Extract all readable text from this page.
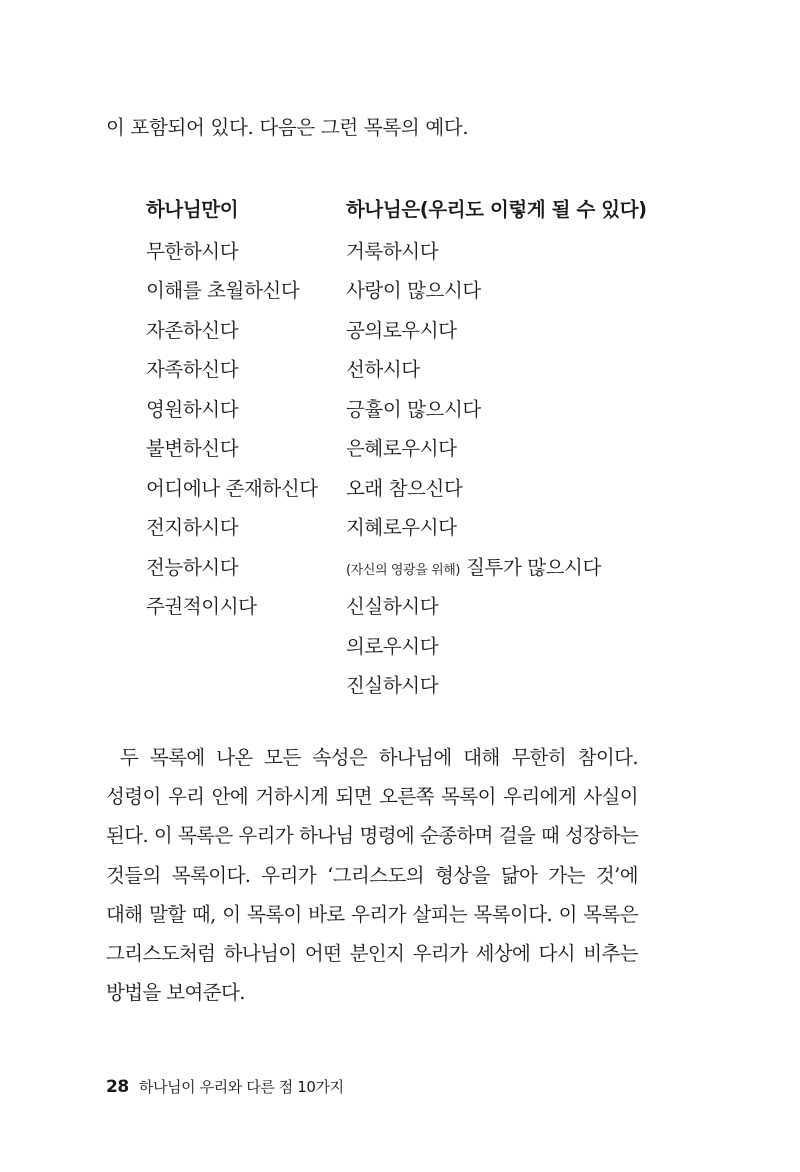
이 포함되어 있다. 다음은 그런 목록의 예다.
하나님만이
무한하시다
이해를 초월하신다
자존하신다
자족하신다
영원하시다
불변하신다
어디에나 존재하신다
전지하시다
전능하시다
주권적이시다
하나님은(우리도 이렇게 될 수 있다)
거룩하시다
사랑이 많으시다
공의로우시다
선하시다
긍휼이 많으시다
은혜로우시다
오래 참으신다
지혜로우시다
(자신의 영광을 위해) 질투가 많으시다
신실하시다
의로우시다
진실하시다

두 목록에 나온 모든 속성은 하나님에 대해 무한히 참이다. 성령이 우리 안에 거하시게 되면 오른쪽 목록이 우리에게 사실이 된다. 이 목록은 우리가 하나님 명령에 순종하며 걸을 때 성장하는 것들의 목록이다. 우리가 ‘그리스도의 형상을 닮아 가는 것’에 대해 말할 때, 이 목록이 바로 우리가 살피는 목록이다. 이 목록은 그리스도처럼 하나님이 어떤 분인지 우리가 세상에 다시 비추는 방법을 보여준다.

28 하나님이 우리와 다른 점 10가지
